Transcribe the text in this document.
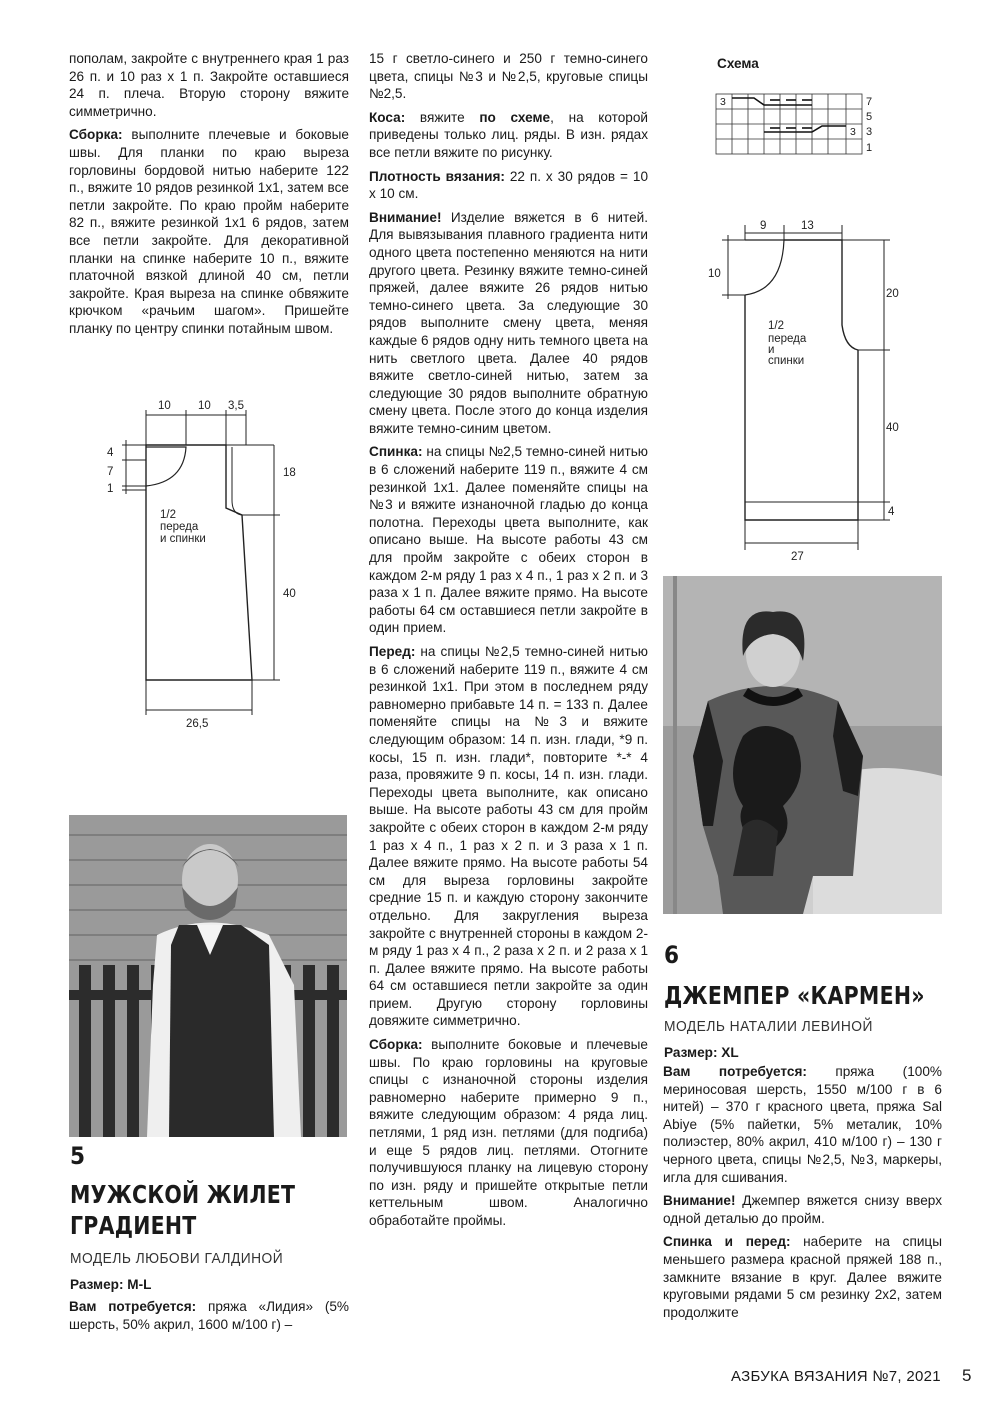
пополам, закройте с внутреннего края 1 раз 26 п. и 10 раз х 1 п. Закройте оставшиеся 24 п. плеча. Вторую сторону вяжите симметрично.

Сборка: выполните плечевые и боковые швы. Для планки по краю выреза горловины бордовой нитью наберите 122 п., вяжите 10 рядов резинкой 1х1, затем все петли закройте. По краю пройм наберите 82 п., вяжите резинкой 1х1 6 рядов, затем все петли закройте. Для декоративной планки на спинке наберите 10 п., вяжите платочной вязкой длиной 40 см, петли закройте. Края выреза на спинке обвяжите крючком «рачьим шагом». Пришейте планку по центру спинки потайным швом.

10 10 3,5
4
7
1
18
40
26,5
1/2
переда
и спинки
5
МУЖСКОЙ ЖИЛЕТ
ГРАДИЕНТ
МОДЕЛЬ ЛЮБОВИ ГАЛДИНОЙ
Размер: M-L

Вам потребуется: пряжа «Лидия» (5% шерсть, 50% акрил, 1600 м/100 г) –

15 г светло-синего и 250 г темно-синего цвета, спицы №3 и №2,5, круговые спицы №2,5.

Коса: вяжите по схеме, на которой приведены только лиц. ряды. В изн. рядах все петли вяжите по рисунку.

Плотность вязания: 22 п. х 30 рядов = 10 х 10 см.

Внимание! Изделие вяжется в 6 нитей. Для вывязывания плавного градиента нити одного цвета постепенно меняются на нити другого цвета. Резинку вяжите темно-синей пряжей, далее вяжите 26 рядов нитью темно-синего цвета. За следующие 30 рядов выполните смену цвета, меняя каждые 6 рядов одну нить темного цвета на нить светлого цвета. Далее 40 рядов вяжите светло-синей нитью, затем за следующие 30 рядов выполните обратную смену цвета. После этого до конца изделия вяжите темно-синим цветом.

Спинка: на спицы №2,5 темно-синей нитью в 6 сложений наберите 119 п., вяжите 4 см резинкой 1х1. Далее поменяйте спицы на №3 и вяжите изнаночной гладью до конца полотна. Переходы цвета выполните, как описано выше. На высоте работы 43 см для пройм закройте с обеих сторон в каждом 2-м ряду 1 раз х 4 п., 1 раз х 2 п. и 3 раза х 1 п. Далее вяжите прямо. На высоте работы 64 см оставшиеся петли закройте в один прием.

Перед: на спицы №2,5 темно-синей нитью в 6 сложений наберите 119 п., вяжите 4 см резинкой 1х1. При этом в последнем ряду равномерно прибавьте 14 п. = 133 п. Далее поменяйте спицы на №3 и вяжите следующим образом: 14 п. изн. глади, *9 п. косы, 15 п. изн. глади*, повторите *-* 4 раза, провяжите 9 п. косы, 14 п. изн. глади. Переходы цвета выполните, как описано выше. На высоте работы 43 см для пройм закройте с обеих сторон в каждом 2-м ряду 1 раз х 4 п., 1 раз х 2 п. и 3 раза х 1 п. Далее вяжите прямо. На высоте работы 54 см для выреза горловины закройте средние 15 п. и каждую сторону закончите отдельно. Для закругления выреза закройте с внутренней стороны в каждом 2-м ряду 1 раз х 4 п., 2 раза х 2 п. и 2 раза х 1 п. Далее вяжите прямо. На высоте работы 64 см оставшиеся петли закройте за один прием. Другую сторону горловины довяжите симметрично.

Сборка: выполните боковые и плечевые швы. По краю горловины на круговые спицы с изнаночной стороны изделия равномерно наберите примерно 9 п., вяжите следующим образом: 4 ряда лиц. петлями, 1 ряд изн. петлями (для подгиба) и еще 5 рядов лиц. петлями. Отогните получившуюся планку на лицевую сторону по изн. ряду и пришейте открытые петли кеттельным швом. Аналогично обработайте проймы.

Схема
3
3
7
5
3
1
9	13
10
20
40
4
27
1/2
переда
и
спинки
6
ДЖЕМПЕР «КАРМЕН»
МОДЕЛЬ НАТАЛИИ ЛЕВИНОЙ
Размер: XL

Вам потребуется: пряжа (100% мериносовая шерсть, 1550 м/100 г в 6 нитей) – 370 г красного цвета, пряжа Sal Abiye (5% пайетки, 5% металик, 10% полиэстер, 80% акрил, 410 м/100 г) – 130 г черного цвета, спицы №2,5, №3, маркеры, игла для сшивания.

Внимание! Джемпер вяжется снизу вверх одной деталью до пройм.

Спинка и перед: наберите на спицы меньшего размера красной пряжей 188 п., замкните вязание в круг. Далее вяжите круговыми рядами 5 см резинку 2х2, затем продолжите

АЗБУКА ВЯЗАНИЯ №7, 2021 5
